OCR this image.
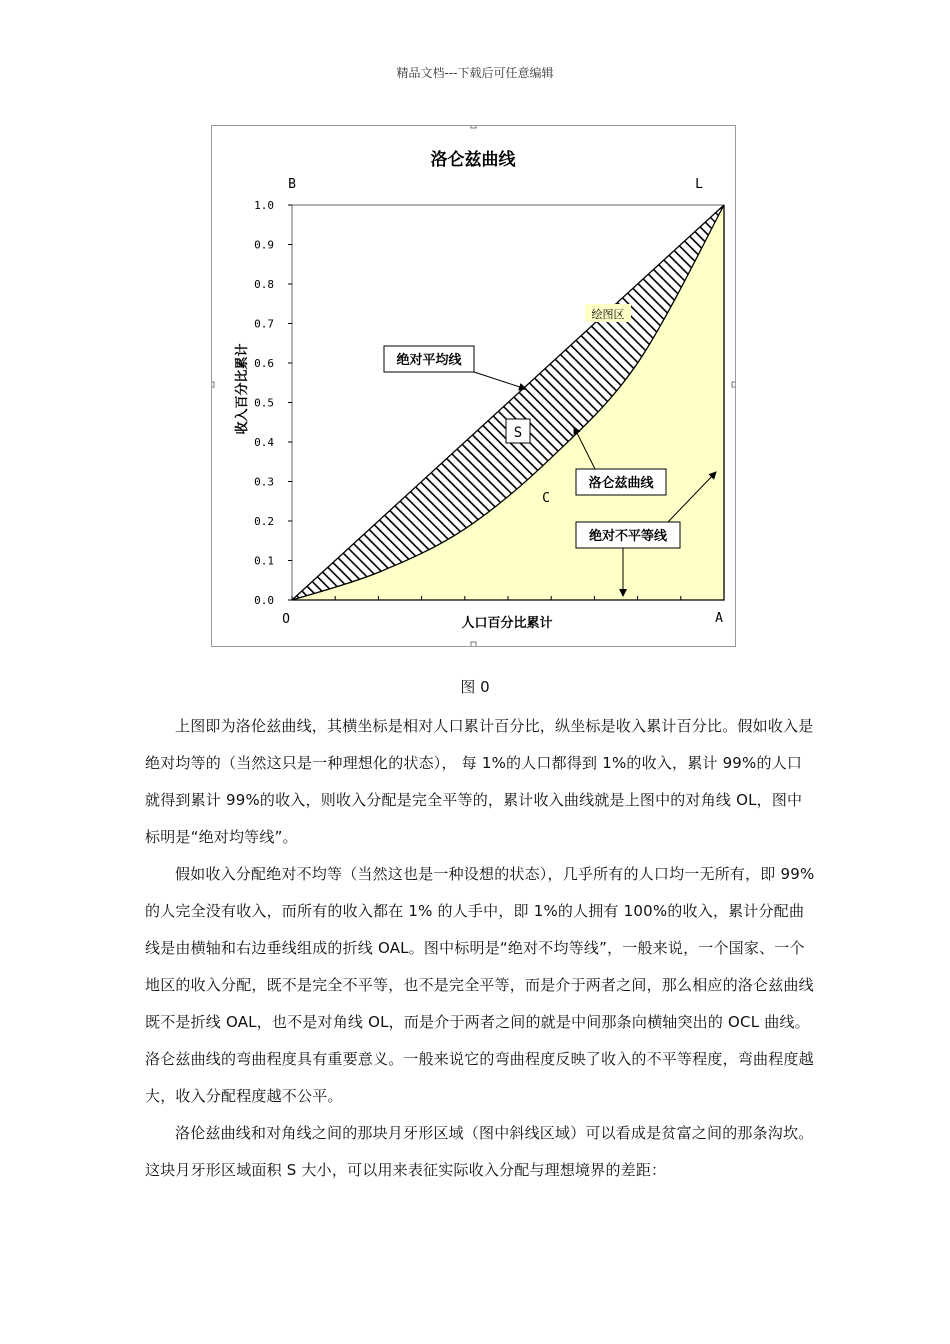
精品文档---下载后可任意编辑
洛仑兹曲线
0.0
0.1
0.2
0.3
0.4
0.5
0.6
0.7
0.8
0.9
1.0
B	L
O	A
人口百分比累计
收入百分比累计
绘图区
S
C
绝对平均线
洛仑兹曲线
绝对不平等线
图 0

上图即为洛伦兹曲线，其横坐标是相对人口累计百分比，纵坐标是收入累计百分比。假如收入是绝对均等的（当然这只是一种理想化的状态）， 每 1%的人口都得到 1%的收入，累计 99%的人口就得到累计 99%的收入，则收入分配是完全平等的，累计收入曲线就是上图中的对角线 OL，图中标明是“绝对均等线”。

假如收入分配绝对不均等（当然这也是一种设想的状态），几乎所有的人口均一无所有，即 99%的人完全没有收入，而所有的收入都在 1% 的人手中，即 1%的人拥有 100%的收入，累计分配曲线是由横轴和右边垂线组成的折线 OAL。图中标明是“绝对不均等线”，一般来说，一个国家、一个地区的收入分配，既不是完全不平等，也不是完全平等，而是介于两者之间，那么相应的洛仑兹曲线既不是折线 OAL，也不是对角线 OL，而是介于两者之间的就是中间那条向横轴突出的 OCL 曲线。洛仑兹曲线的弯曲程度具有重要意义。一般来说它的弯曲程度反映了收入的不平等程度，弯曲程度越大，收入分配程度越不公平。

洛伦兹曲线和对角线之间的那块月牙形区域（图中斜线区域）可以看成是贫富之间的那条沟坎。这块月牙形区域面积 S 大小，可以用来表征实际收入分配与理想境界的差距：
